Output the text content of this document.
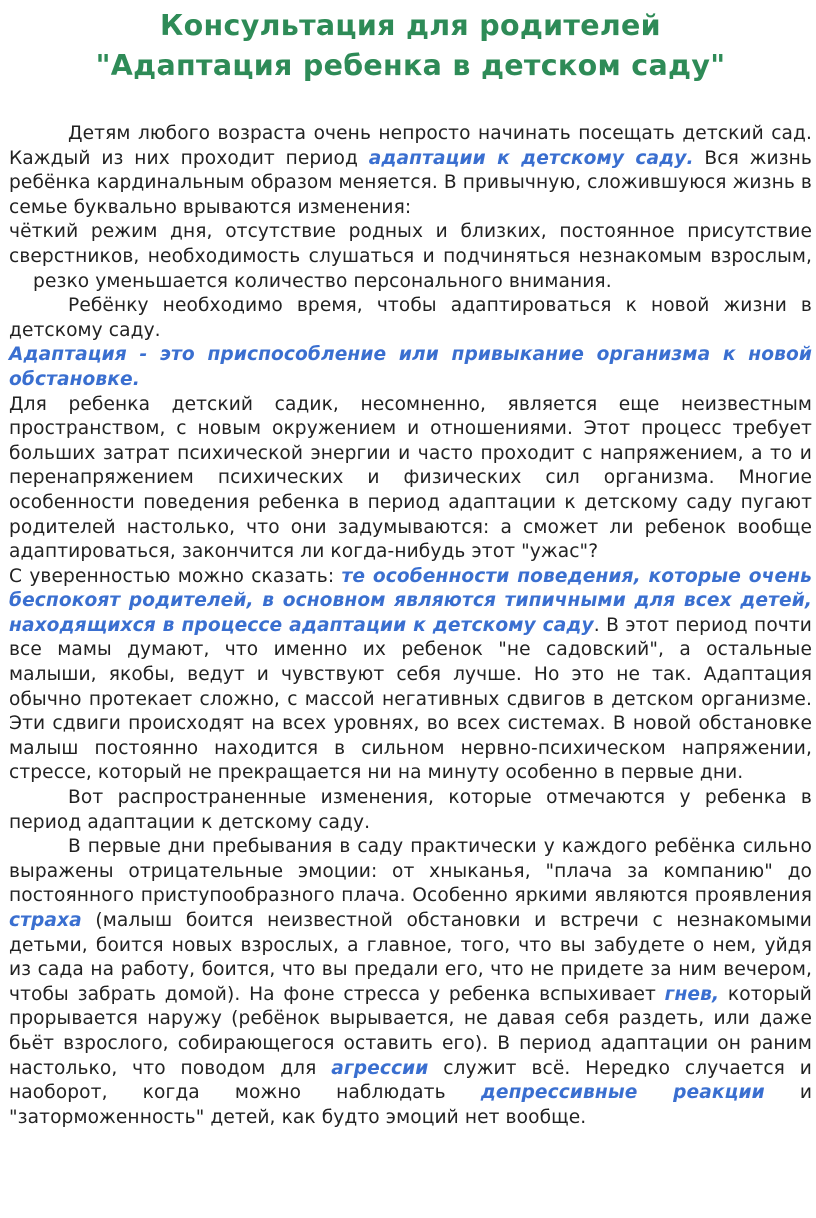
Консультация для родителей
"Адаптация ребенка в детском саду"

Детям любого возраста очень непросто начинать посещать детский сад. Каждый из них проходит период адаптации к детскому саду. Вся жизнь ребёнка кардинальным образом меняется. В привычную, сложившуюся жизнь в семье буквально врываются изменения:

чёткий режим дня, отсутствие родных и близких, постоянное присутствие сверстников, необходимость слушаться и подчиняться незнакомым взрослым,     резко уменьшается количество персонального внимания.

Ребёнку необходимо время, чтобы адаптироваться к новой жизни в детскому саду.

Адаптация - это приспособление или привыкание организма к новой обстановке.

Для ребенка детский садик, несомненно, является еще неизвестным пространством, с новым окружением и отношениями. Этот процесс требует больших затрат психической энергии и часто проходит с напряжением, а то и перенапряжением психических и физических сил организма. Многие особенности поведения ребенка в период адаптации к детскому саду пугают родителей настолько, что они задумываются: а сможет ли ребенок вообще адаптироваться, закончится ли когда-нибудь этот "ужас"?

С уверенностью можно сказать: те особенности поведения, которые очень беспокоят родителей, в основном являются типичными для всех детей, находящихся в процессе адаптации к детскому саду. В этот период почти все мамы думают, что именно их ребенок "не садовский", а остальные малыши, якобы, ведут и чувствуют себя лучше. Но это не так. Адаптация обычно протекает сложно, с массой негативных сдвигов в детском организме. Эти сдвиги происходят на всех уровнях, во всех системах. В новой обстановке малыш постоянно находится в сильном нервно-психическом напряжении, стрессе, который не прекращается ни на минуту особенно в первые дни.

Вот распространенные изменения, которые отмечаются у ребенка в период адаптации к детскому саду.

В первые дни пребывания в саду практически у каждого ребёнка сильно выражены отрицательные эмоции: от хныканья, "плача за компанию" до постоянного приступообразного плача. Особенно яркими являются проявления страха (малыш боится неизвестной обстановки и встречи с незнакомыми детьми, боится новых взрослых, а главное, того, что вы забудете о нем, уйдя из сада на работу, боится, что вы предали его, что не придете за ним вечером, чтобы забрать домой). На фоне стресса у ребенка вспыхивает гнев, который прорывается наружу (ребёнок вырывается, не давая себя раздеть, или даже бьёт взрослого, собирающегося оставить его). В период адаптации он раним настолько, что поводом для агрессии служит всё. Нередко случается и наоборот, когда можно наблюдать депрессивные реакции и "заторможенность" детей, как будто эмоций нет вообще.
